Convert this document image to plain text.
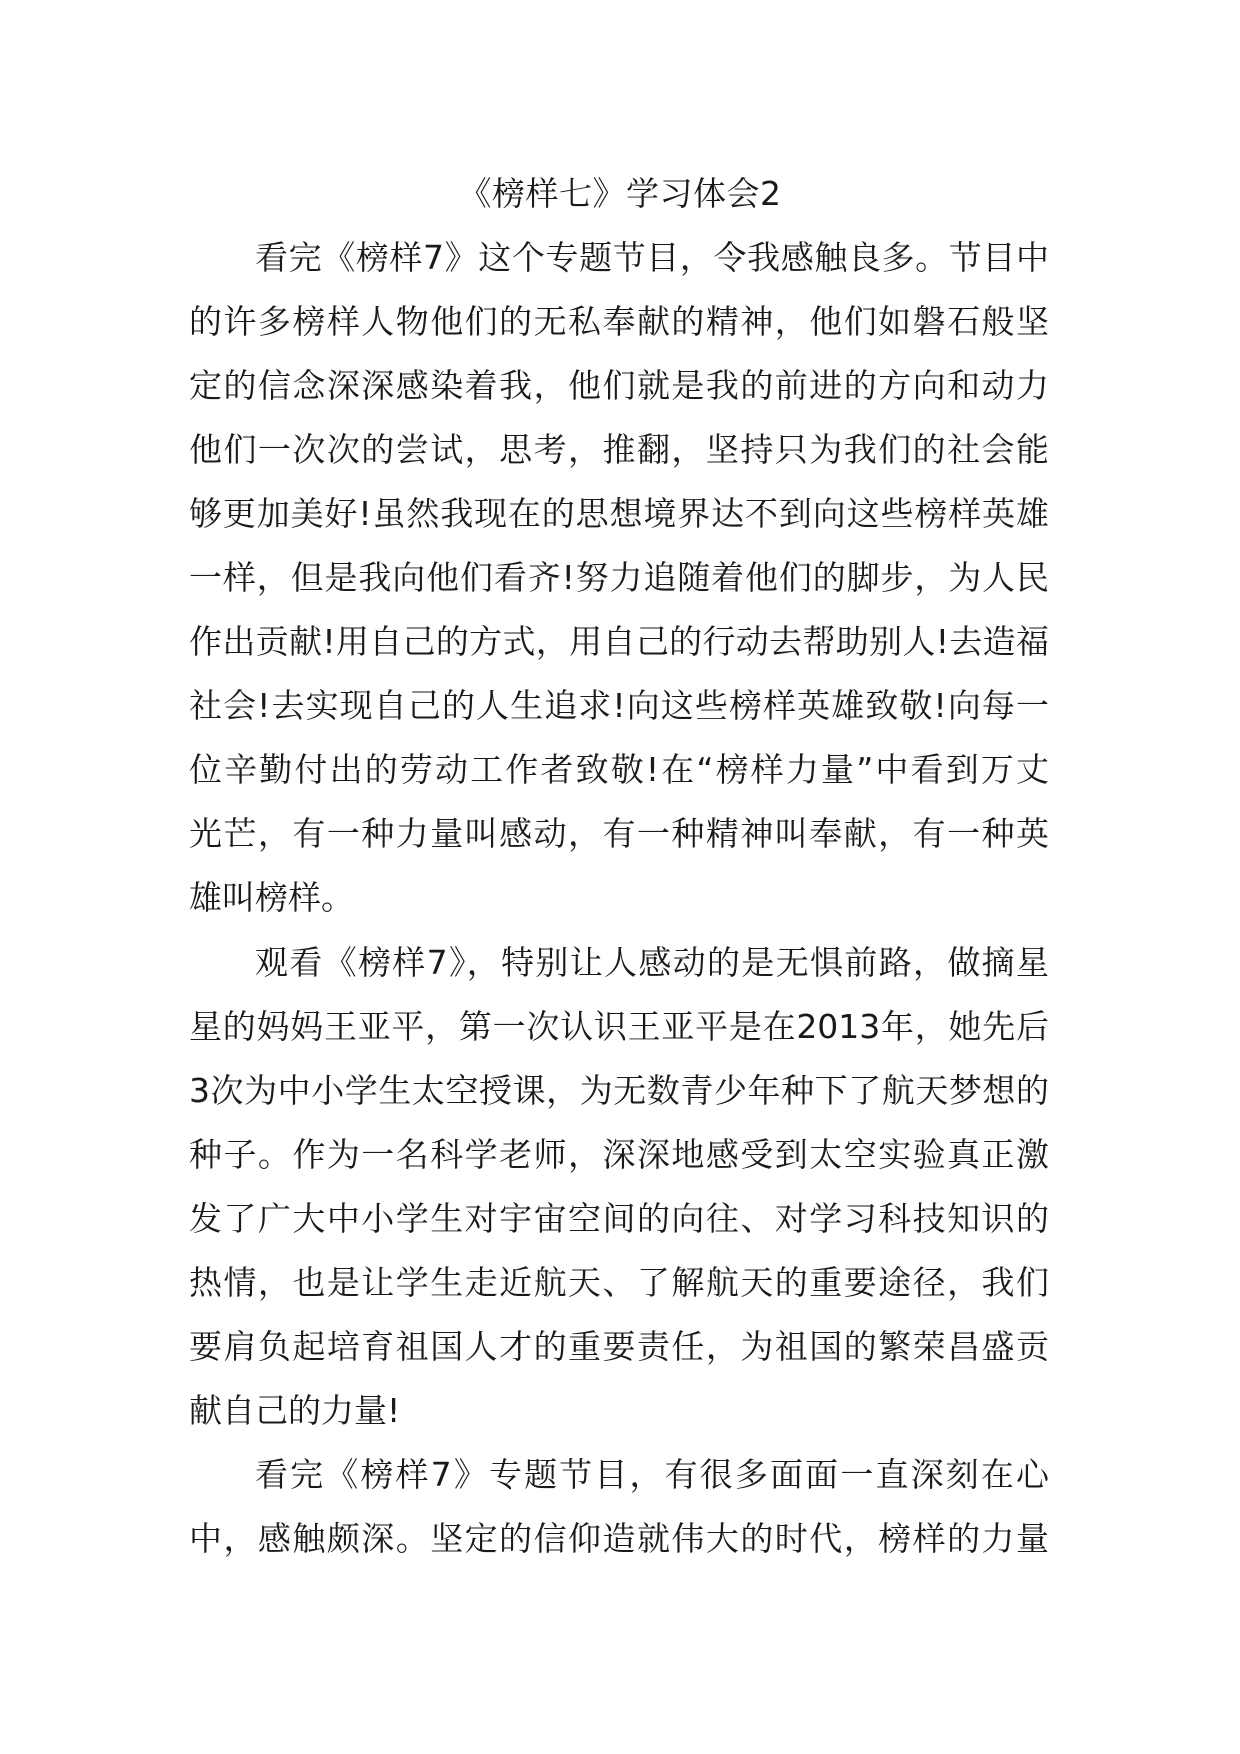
《榜样七》学习体会2

看完《榜样7》这个专题节目，令我感触良多。节目中

的许多榜样人物他们的无私奉献的精神，他们如磐石般坚

定的信念深深感染着我，他们就是我的前进的方向和动力

他们一次次的尝试，思考，推翻，坚持只为我们的社会能

够更加美好!虽然我现在的思想境界达不到向这些榜样英雄

一样，但是我向他们看齐!努力追随着他们的脚步，为人民

作出贡献!用自己的方式，用自己的行动去帮助别人!去造福

社会!去实现自己的人生追求!向这些榜样英雄致敬!向每一

位辛勤付出的劳动工作者致敬!在“榜样力量”中看到万丈

光芒，有一种力量叫感动，有一种精神叫奉献，有一种英

雄叫榜样。

观看《榜样7》，特别让人感动的是无惧前路，做摘星

星的妈妈王亚平，第一次认识王亚平是在2013年，她先后

3次为中小学生太空授课，为无数青少年种下了航天梦想的

种子。作为一名科学老师，深深地感受到太空实验真正激

发了广大中小学生对宇宙空间的向往、对学习科技知识的

热情，也是让学生走近航天、了解航天的重要途径，我们

要肩负起培育祖国人才的重要责任，为祖国的繁荣昌盛贡

献自己的力量!

看完《榜样7》专题节目，有很多面面一直深刻在心

中，感触颇深。坚定的信仰造就伟大的时代，榜样的力量
